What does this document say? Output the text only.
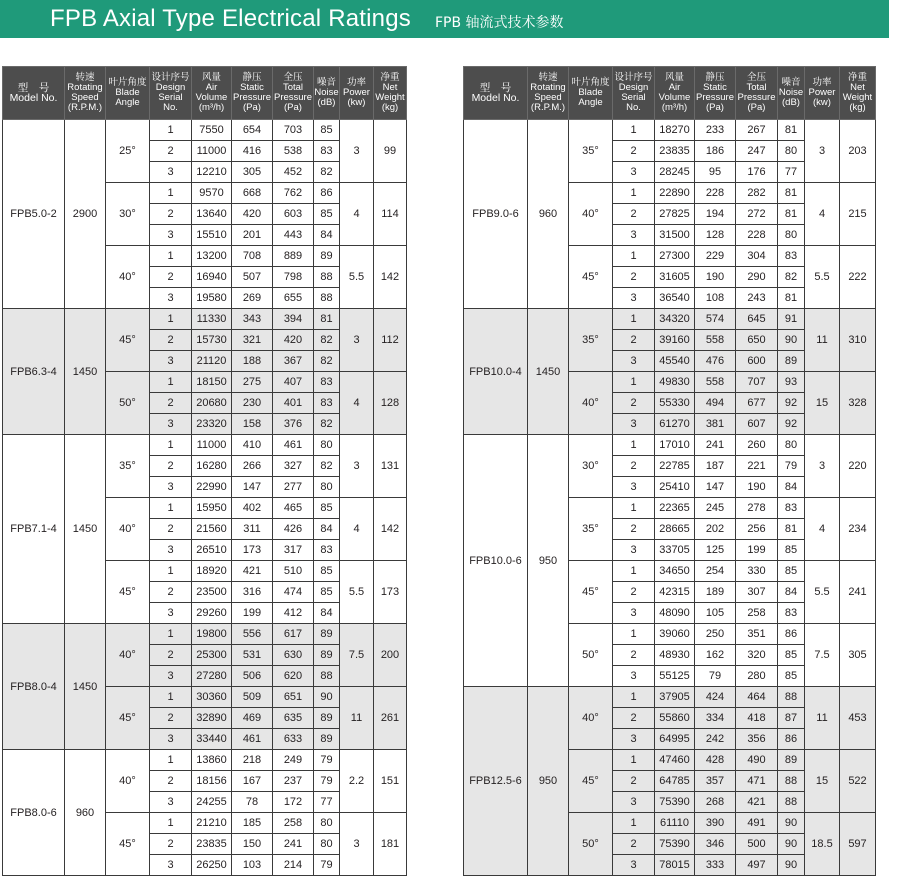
FPB Axial Type Electrical Ratings FPB 轴流式技术参数
型　号
Model No.	转速
Rotating
Speed
(R.P.M.)	叶片角度
Blade
Angle	设计序号
Design
Serial
No.	风量
Air
Volume
(m³/h)	静压
Static
Pressure
(Pa)	全压
Total
Pressure
(Pa)	噪音
Noise
(dB)	功率
Power
(kw)	净重
Net
Weight
(kg)

FPB5.0-2	2900	25°	1	7550	654	703	85	3	99
			2	11000	416	538	83		
			3	12210	305	452	82		
		30°	1	9570	668	762	86	4	114
			2	13640	420	603	85		
			3	15510	201	443	84		
		40°	1	13200	708	889	89	5.5	142
			2	16940	507	798	88		
			3	19580	269	655	88		
FPB6.3-4	1450	45°	1	11330	343	394	81	3	112
			2	15730	321	420	82		
			3	21120	188	367	82		
		50°	1	18150	275	407	83	4	128
			2	20680	230	401	83		
			3	23320	158	376	82		
FPB7.1-4	1450	35°	1	11000	410	461	80	3	131
			2	16280	266	327	82		
			3	22990	147	277	80		
		40°	1	15950	402	465	85	4	142
			2	21560	311	426	84		
			3	26510	173	317	83		
		45°	1	18920	421	510	85	5.5	173
			2	23500	316	474	85		
			3	29260	199	412	84		
FPB8.0-4	1450	40°	1	19800	556	617	89	7.5	200
			2	25300	531	630	89		
			3	27280	506	620	88		
		45°	1	30360	509	651	90	11	261
			2	32890	469	635	89		
			3	33440	461	633	89		
FPB8.0-6	960	40°	1	13860	218	249	79	2.2	151
			2	18156	167	237	79		
			3	24255	78	172	77		
		45°	1	21210	185	258	80	3	181
			2	23835	150	241	80		
			3	26250	103	214	79		
型　号
Model No.	转速
Rotating
Speed
(R.P.M.)	叶片角度
Blade
Angle	设计序号
Design
Serial
No.	风量
Air
Volume
(m³/h)	静压
Static
Pressure
(Pa)	全压
Total
Pressure
(Pa)	噪音
Noise
(dB)	功率
Power
(kw)	净重
Net
Weight
(kg)

FPB9.0-6	960	35°	1	18270	233	267	81	3	203
			2	23835	186	247	80		
			3	28245	95	176	77		
		40°	1	22890	228	282	81	4	215
			2	27825	194	272	81		
			3	31500	128	228	80		
		45°	1	27300	229	304	83	5.5	222
			2	31605	190	290	82		
			3	36540	108	243	81		
FPB10.0-4	1450	35°	1	34320	574	645	91	11	310
			2	39160	558	650	90		
			3	45540	476	600	89		
		40°	1	49830	558	707	93	15	328
			2	55330	494	677	92		
			3	61270	381	607	92		
FPB10.0-6	950	30°	1	17010	241	260	80	3	220
			2	22785	187	221	79		
			3	25410	147	190	84		
		35°	1	22365	245	278	83	4	234
			2	28665	202	256	81		
			3	33705	125	199	85		
		45°	1	34650	254	330	85	5.5	241
			2	42315	189	307	84		
			3	48090	105	258	83		
		50°	1	39060	250	351	86	7.5	305
			2	48930	162	320	85		
			3	55125	79	280	85		
FPB12.5-6	950	40°	1	37905	424	464	88	11	453
			2	55860	334	418	87		
			3	64995	242	356	86		
		45°	1	47460	428	490	89	15	522
			2	64785	357	471	88		
			3	75390	268	421	88		
		50°	1	61110	390	491	90	18.5	597
			2	75390	346	500	90		
			3	78015	333	497	90		
